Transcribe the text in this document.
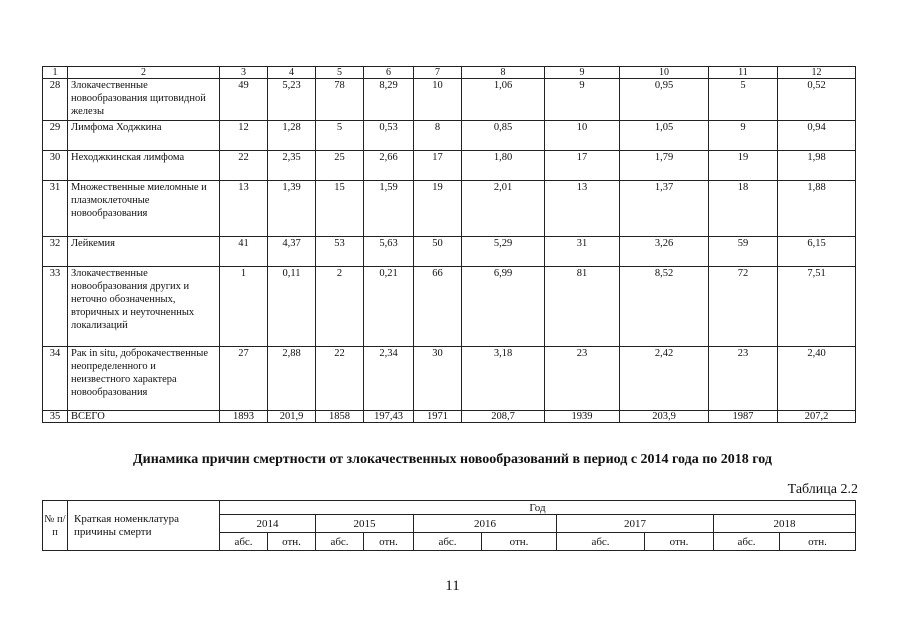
1	2	3	4	5	6	7	8	9	10	11	12
28	Злокачественные новообразования щитовидной железы	49	5,23	78	8,29	10	1,06	9	0,95	5	0,52
29	Лимфома Ходжкина	12	1,28	5	0,53	8	0,85	10	1,05	9	0,94
30	Неходжкинская лимфома	22	2,35	25	2,66	17	1,80	17	1,79	19	1,98
31	Множественные миеломные и плазмоклеточные новообразования	13	1,39	15	1,59	19	2,01	13	1,37	18	1,88
32	Лейкемия	41	4,37	53	5,63	50	5,29	31	3,26	59	6,15
33	Злокачественные новообразования других и неточно обозначенных, вторичных и неуточненных локализаций	1	0,11	2	0,21	66	6,99	81	8,52	72	7,51
34	Рак in situ, доброкачественные неопределенного и неизвестного характера новообразования	27	2,88	22	2,34	30	3,18	23	2,42	23	2,40
35	ВСЕГО	1893	201,9	1858	197,43	1971	208,7	1939	203,9	1987	207,2
Динамика причин смертности от злокачественных новообразований в период с 2014 года по 2018 год
Таблица 2.2
№ п/п	Краткая номенклатура причины смерти	Год									
		2014		2015		2016		2017		2018	
		абс.	отн.	абс.	отн.	абс.	отн.	абс.	отн.	абс.	отн.
11
